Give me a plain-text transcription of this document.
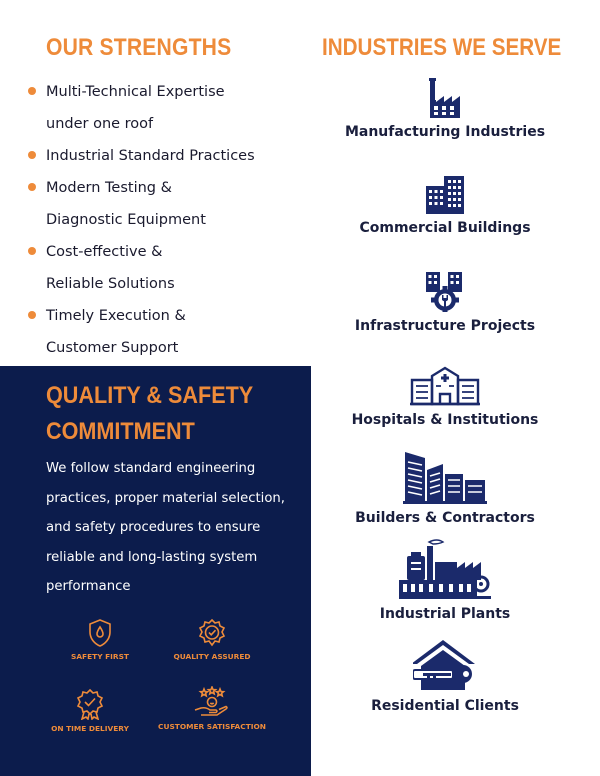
OUR STRENGTHS
Multi-Technical Expertise
under one roof
Industrial Standard Practices
Modern Testing &
Diagnostic Equipment
Cost-effective &
Reliable Solutions
Timely Execution &
Customer Support
QUALITY & SAFETY
COMMITMENT
We follow standard engineering practices, proper material selection, and safety procedures to ensure reliable and long-lasting system performance
SAFETY FIRST	QUALITY ASSURED
ON TIME DELIVERY	CUSTOMER SATISFACTION
INDUSTRIES WE SERVE
Manufacturing Industries
Commercial Buildings
Infrastructure Projects
Hospitals & Institutions
Builders & Contractors
Industrial Plants
Residential Clients
